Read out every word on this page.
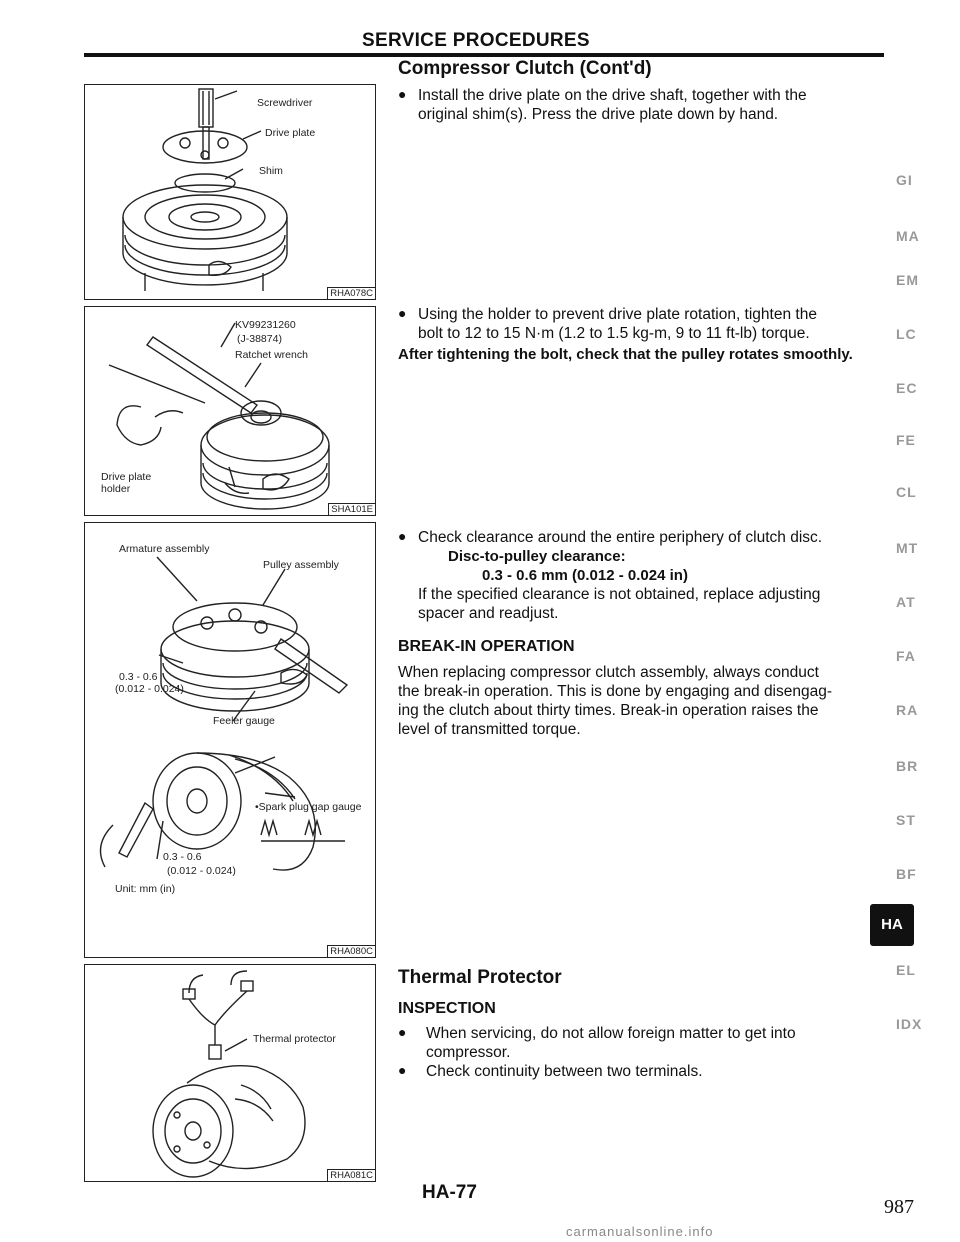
SERVICE PROCEDURES
Compressor Clutch (Cont'd)
● Install the drive plate on the drive shaft, together with the
original shim(s). Press the drive plate down by hand.
● Using the holder to prevent drive plate rotation, tighten the
bolt to 12 to 15 N·m (1.2 to 1.5 kg-m, 9 to 11 ft-lb) torque.
After tightening the bolt, check that the pulley rotates smoothly.
● Check clearance around the entire periphery of clutch disc.
Disc-to-pulley clearance:
0.3 - 0.6 mm (0.012 - 0.024 in)
If the specified clearance is not obtained, replace adjusting
spacer and readjust.
BREAK-IN OPERATION
When replacing compressor clutch assembly, always conduct
the break-in operation. This is done by engaging and disengag-
ing the clutch about thirty times. Break-in operation raises the
level of transmitted torque.
Thermal Protector
INSPECTION
● When servicing, do not allow foreign matter to get into
compressor.
● Check continuity between two terminals.
Screwdriver
Drive plate
Shim
RHA078C
KV99231260
(J-38874)
Ratchet wrench
Drive plate
holder
SHA101E
Armature assembly
Pulley assembly
0.3 - 0.6
(0.012 - 0.024)
Feeler gauge
•Spark plug gap gauge
0.3 - 0.6
(0.012 - 0.024)
Unit: mm (in)
RHA080C
Thermal protector
RHA081C
GI
MA
EM
LC
EC
FE
CL
MT
AT
FA
RA
BR
ST
BF
HA
EL
IDX
HA-77
987
carmanualsonline.info
